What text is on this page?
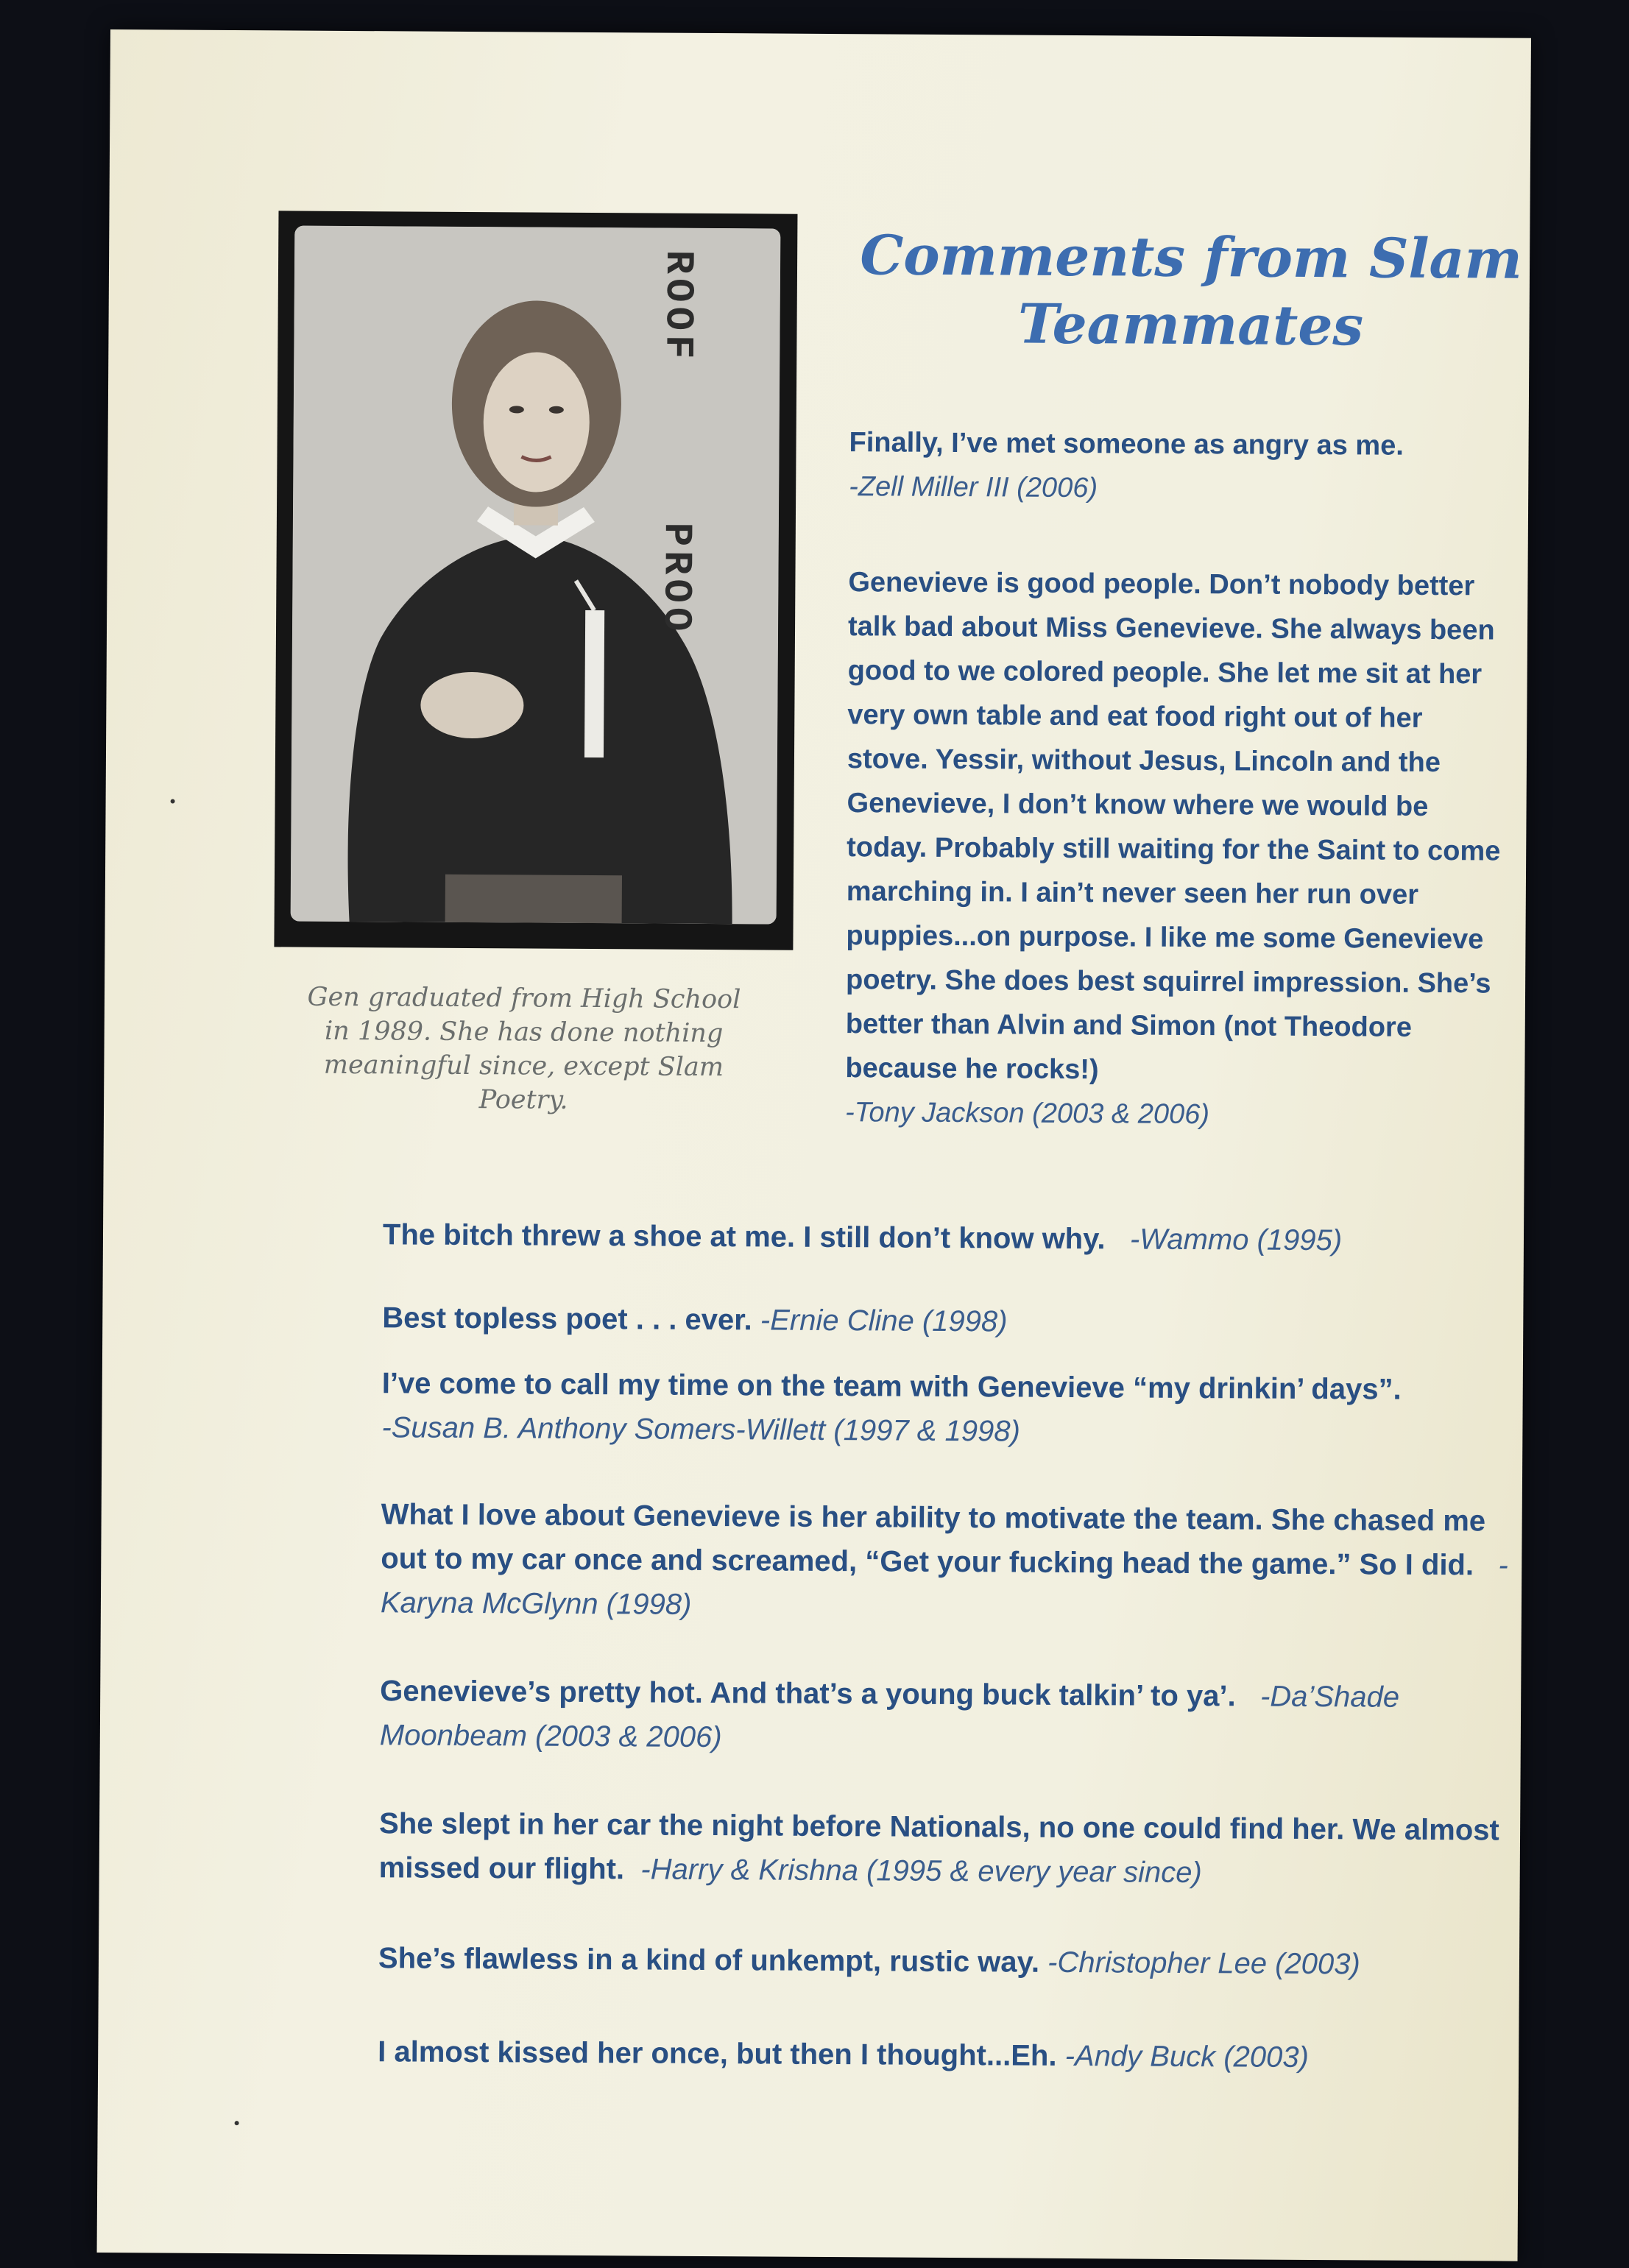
Comments from Slam Teammates
ROOF
PROO

Gen graduated from High School in 1989. She has done nothing meaningful since, except Slam Poetry.

Finally, I’ve met someone as angry as me.
-Zell Miller III (2006)

Genevieve is good people. Don’t nobody better talk bad about Miss Genevieve. She always been good to we colored people. She let me sit at her very own table and eat food right out of her stove. Yessir, without Jesus, Lincoln and the Genevieve, I don’t know where we would be today. Probably still waiting for the Saint to come marching in. I ain’t never seen her run over puppies...on purpose. I like me some Genevieve poetry. She does best squirrel impression. She’s better than Alvin and Simon (not Theodore because he rocks!)
-Tony Jackson (2003 & 2006)

The bitch threw a shoe at me. I still don’t know why. -Wammo (1995)

Best topless poet . . . ever. -Ernie Cline (1998)

I’ve come to call my time on the team with Genevieve “my drinkin’ days”.
-Susan B. Anthony Somers-Willett (1997 & 1998)

What I love about Genevieve is her ability to motivate the team. She chased me out to my car once and screamed, “Get your fucking head the game.” So I did. -Karyna McGlynn (1998)

Genevieve’s pretty hot. And that’s a young buck talkin’ to ya’. -Da’Shade Moonbeam (2003 & 2006)

She slept in her car the night before Nationals, no one could find her. We almost missed our flight. -Harry & Krishna (1995 & every year since)

She’s flawless in a kind of unkempt, rustic way. -Christopher Lee (2003)

I almost kissed her once, but then I thought...Eh. -Andy Buck (2003)
